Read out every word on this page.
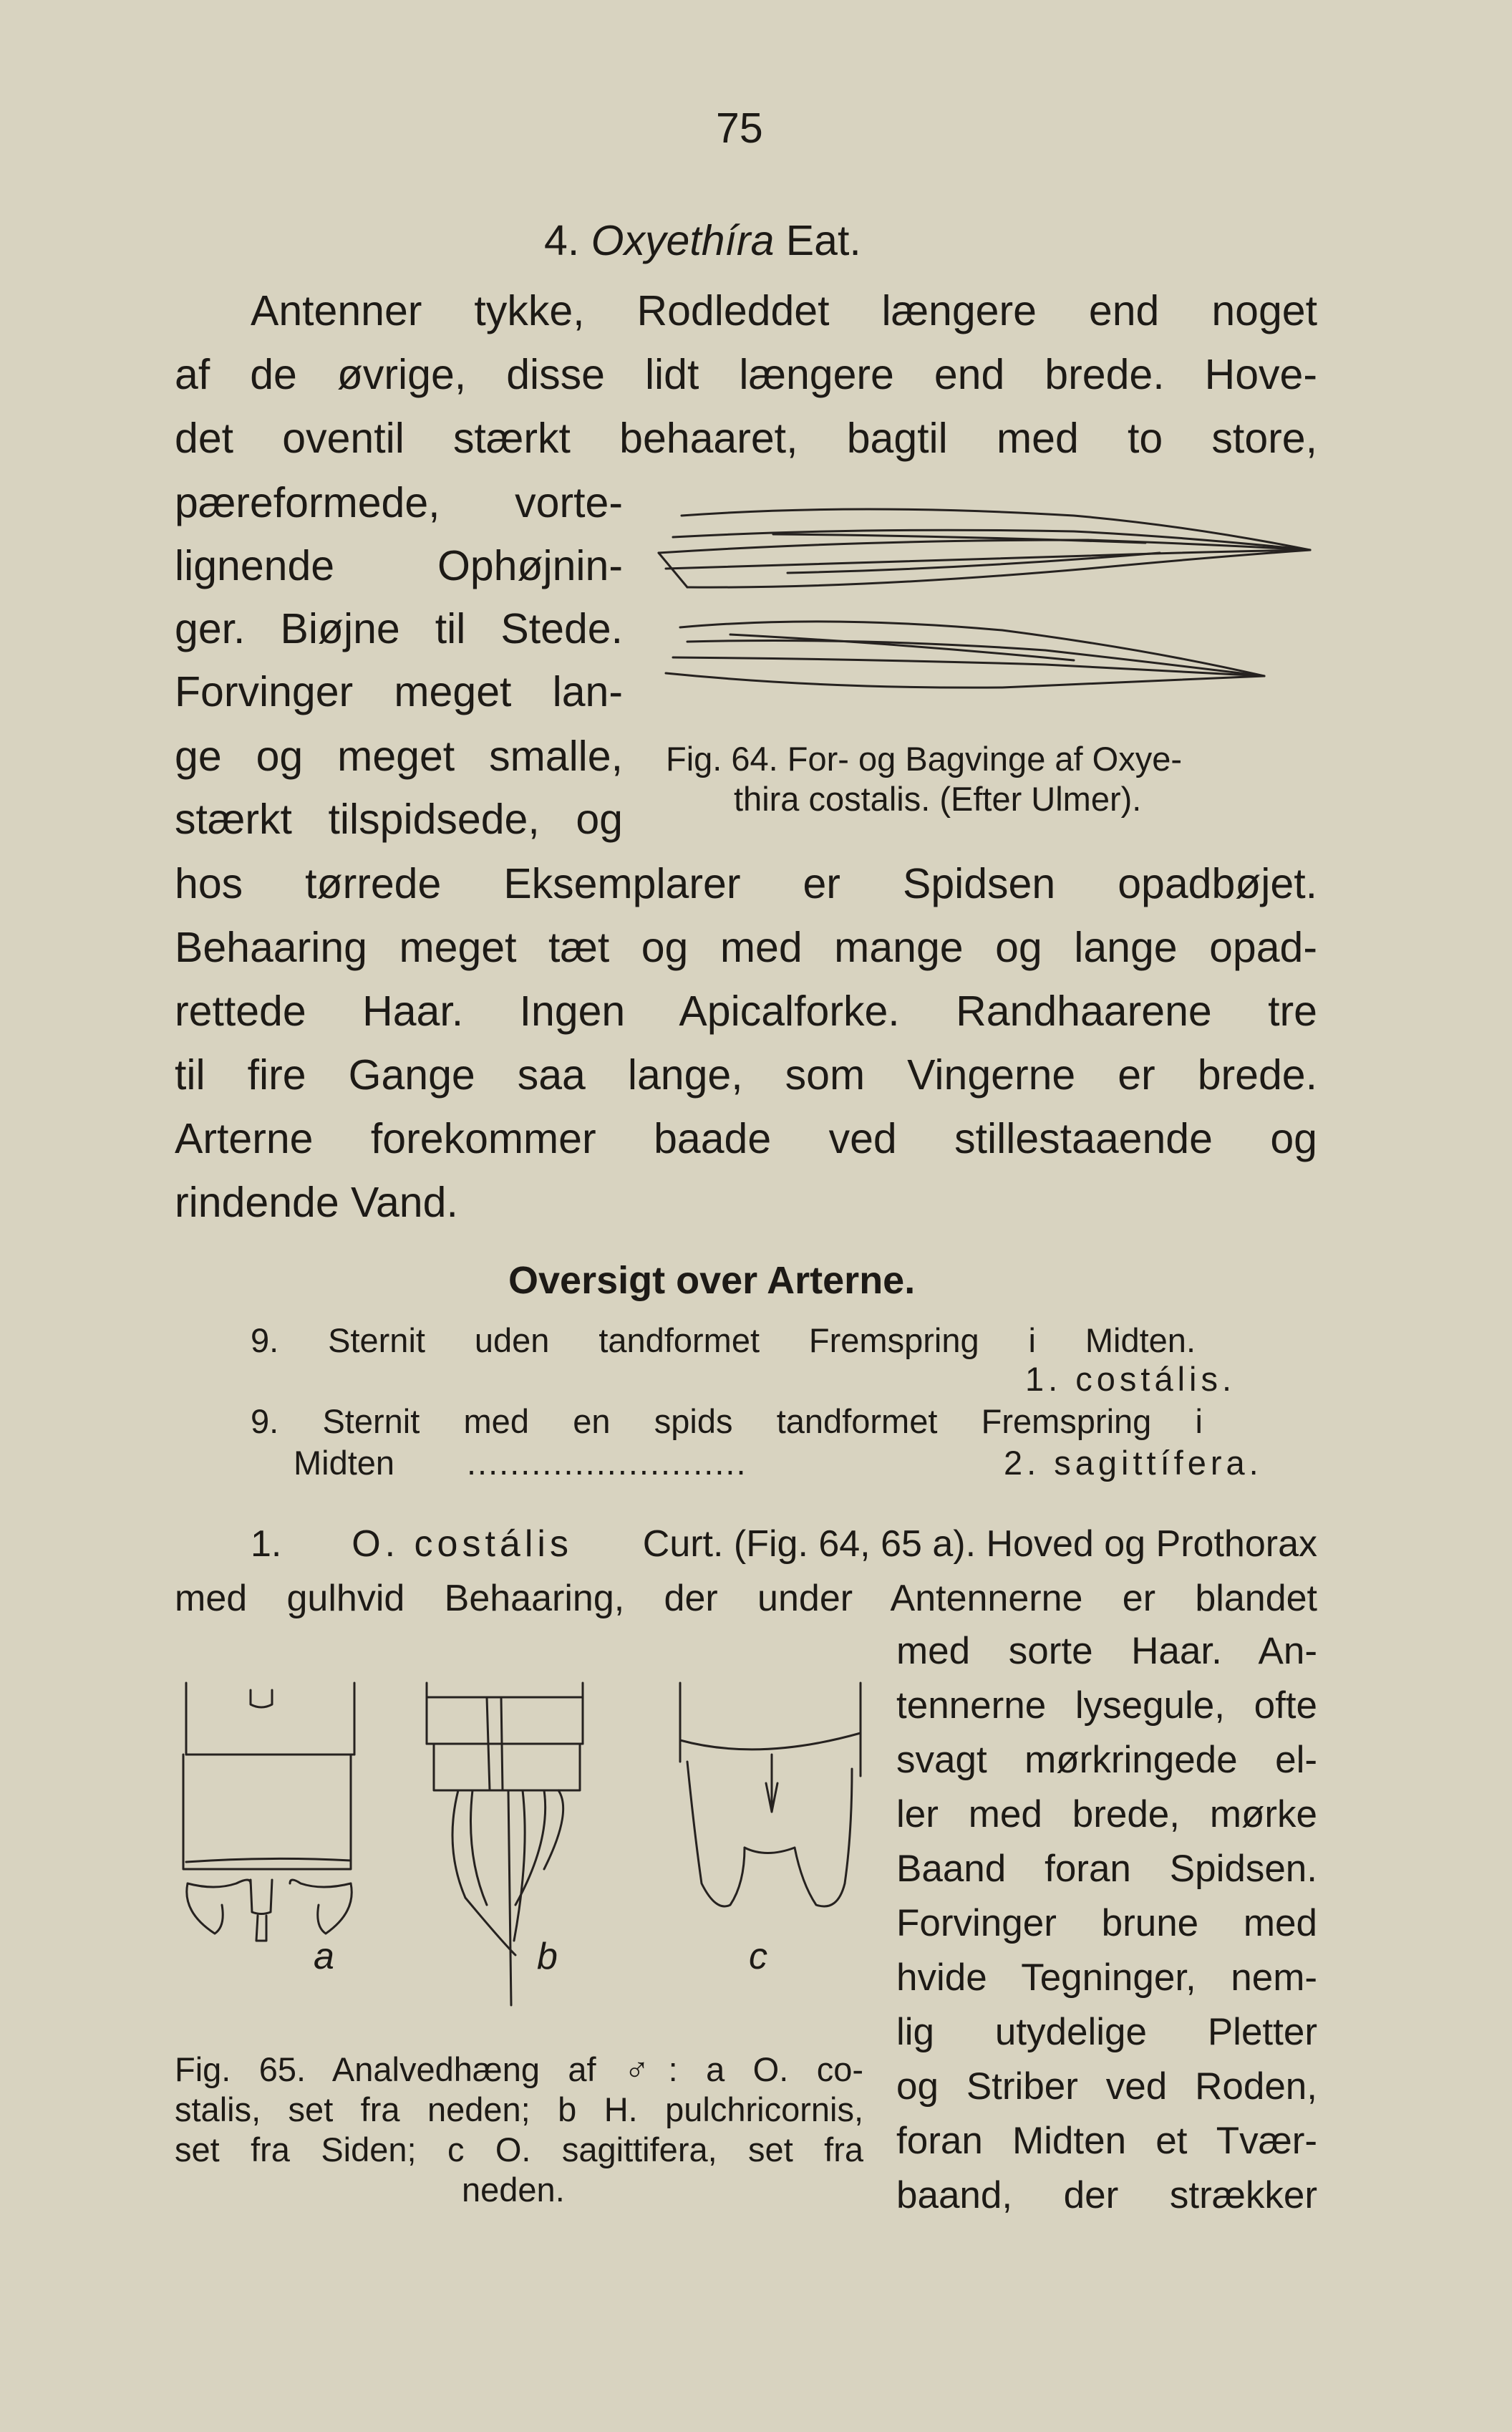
75
4. Oxyethíra Eat.
Antenner tykke, Rodleddet længere end noget
af de øvrige, disse lidt længere end brede. Hove-
det oventil stærkt behaaret, bagtil med to store,
pæreformede, vorte-
lignende Ophøjnin-
ger. Biøjne til Stede.
Forvinger meget lan-
ge og meget smalle,
stærkt tilspidsede, og
Fig. 64. For- og Bagvinge af Oxye-
thira costalis. (Efter Ulmer).
hos tørrede Eksemplarer er Spidsen opadbøjet.
Behaaring meget tæt og med mange og lange opad-
rettede Haar. Ingen Apicalforke. Randhaarene tre
til fire Gange saa lange, som Vingerne er brede.
Arterne forekommer baade ved stillestaaende og
rindende Vand.
Oversigt over Arterne.
9. Sternit uden tandformet Fremspring i Midten.
1. costális.
9. Sternit med en spids tandformet Fremspring i
Midten ..........................	2. sagittífera.
1. O. costális Curt. (Fig. 64, 65 a). Hoved og Prothorax
med gulhvid Behaaring, der under Antennerne er blandet
med sorte Haar. An-
tennerne lysegule, ofte
svagt mørkringede el-
ler med brede, mørke
Baand foran Spidsen.
Forvinger brune med
hvide Tegninger, nem-
lig utydelige Pletter
og Striber ved Roden,
foran Midten et Tvær-
baand, der strækker
a	b	c
Fig. 65. Analvedhæng af ♂: a O. co-
stalis, set fra neden; b H. pulchricornis,
set fra Siden; c O. sagittifera, set fra
neden.
